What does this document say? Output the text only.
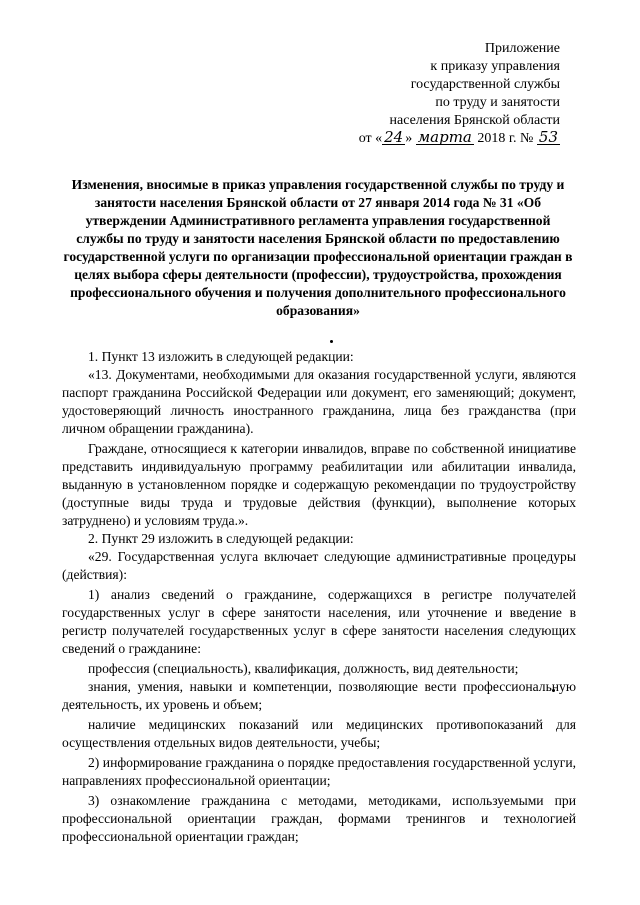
Приложение
к приказу управления
государственной службы
по труду и занятости
населения Брянской области
от « 24 » марта 2018 г. № 53
Изменения, вносимые в приказ управления государственной службы по труду и занятости населения Брянской области от 27 января 2014 года № 31 «Об утверждении Административного регламента управления государственной службы по труду и занятости населения Брянской области по предоставлению государственной услуги по организации профессиональной ориентации граждан в целях выбора сферы деятельности (профессии), трудоустройства, прохождения профессионального обучения и получения дополнительного профессионального образования»

1. Пункт 13 изложить в следующей редакции:

«13. Документами, необходимыми для оказания государственной услуги, являются паспорт гражданина Российской Федерации или документ, его заменяющий; документ, удостоверяющий личность иностранного гражданина, лица без гражданства (при личном обращении гражданина).

Граждане, относящиеся к категории инвалидов, вправе по собственной инициативе представить индивидуальную программу реабилитации или абилитации инвалида, выданную в установленном порядке и содержащую рекомендации по трудоустройству (доступные виды труда и трудовые действия (функции), выполнение которых затруднено) и условиям труда.».

2. Пункт 29 изложить в следующей редакции:

«29. Государственная услуга включает следующие административные процедуры (действия):

1) анализ сведений о гражданине, содержащихся в регистре получателей государственных услуг в сфере занятости населения, или уточнение и введение в регистр получателей государственных услуг в сфере занятости населения следующих сведений о гражданине:

профессия (специальность), квалификация, должность, вид деятельности;

знания, умения, навыки и компетенции, позволяющие вести профессиональную деятельность, их уровень и объем;

наличие медицинских показаний или медицинских противопоказаний для осуществления отдельных видов деятельности, учебы;

2) информирование гражданина о порядке предоставления государственной услуги, направлениях профессиональной ориентации;

3) ознакомление гражданина с методами, методиками, используемыми при профессиональной ориентации граждан, формами тренингов и технологией профессиональной ориентации граждан;
